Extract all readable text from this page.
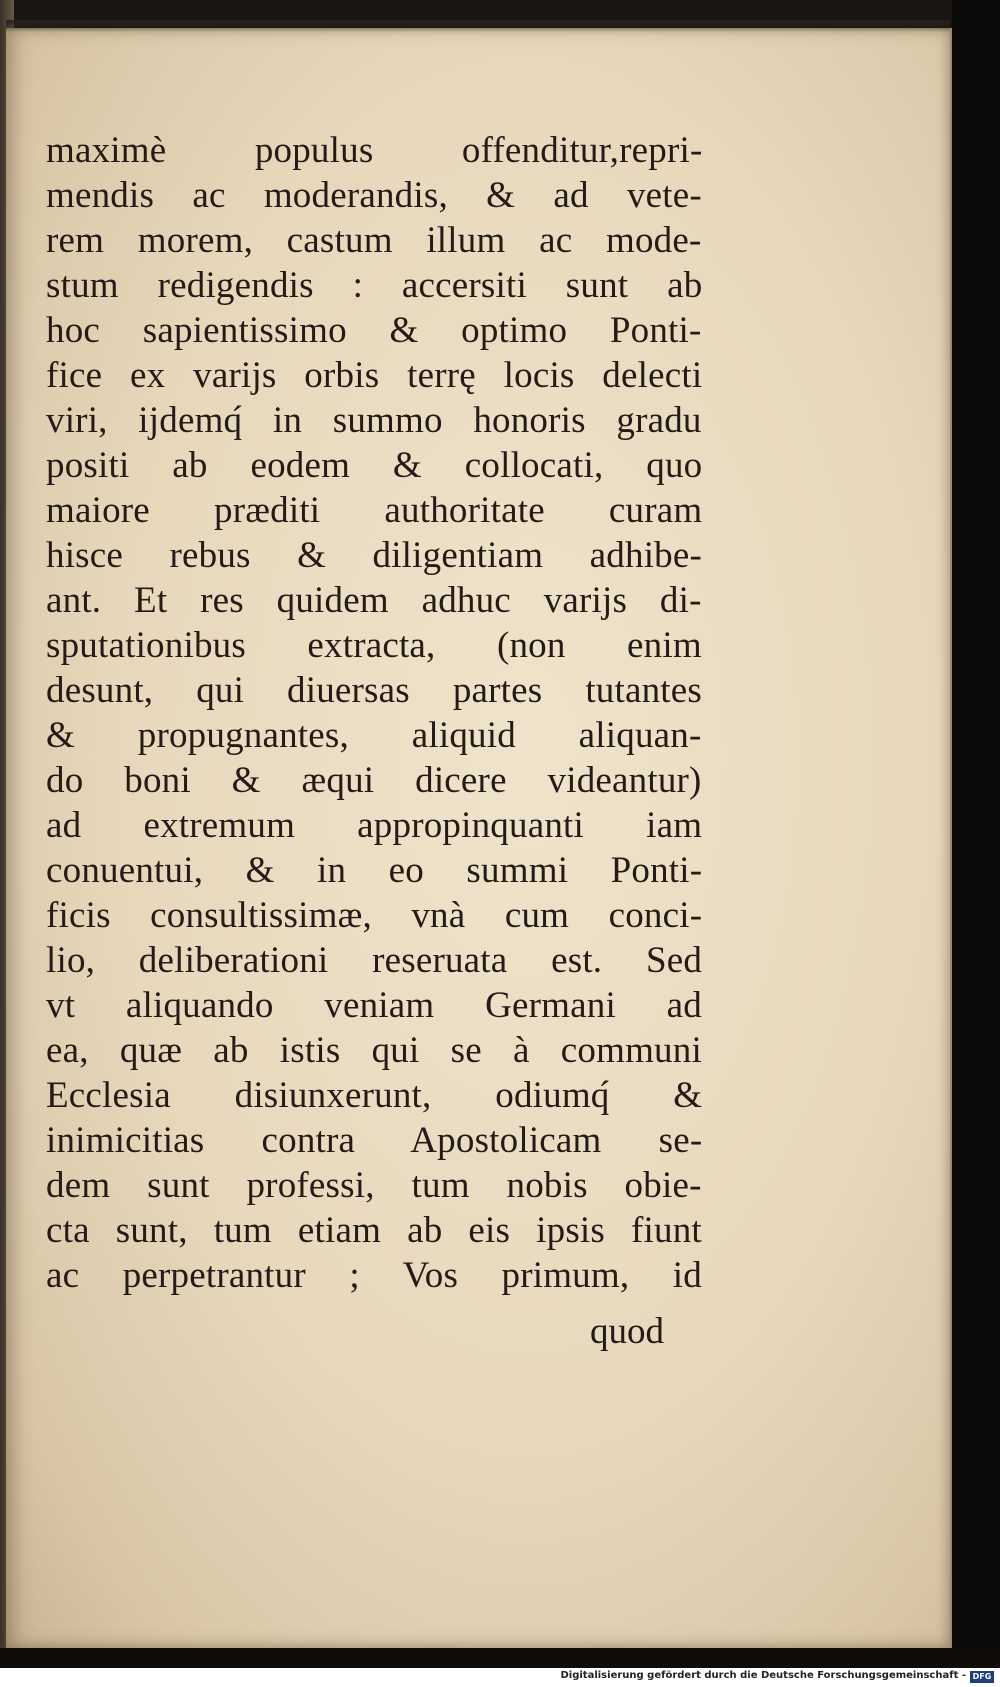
maximè populus offenditur,repri-
mendis ac moderandis, & ad vete-
rem morem, castum illum ac mode-
stum redigendis : accersiti sunt ab
hoc sapientissimo & optimo Ponti-
fice ex varijs orbis terrę locis delecti
viri, ijdemq́ in summo honoris gradu
positi ab eodem & collocati, quo
maiore præditi authoritate curam
hisce rebus & diligentiam adhibe-
ant. Et res quidem adhuc varijs di-
sputationibus extracta, (non enim
desunt, qui diuersas partes tutantes
& propugnantes, aliquid aliquan-
do boni & æqui dicere videantur)
ad extremum appropinquanti iam
conuentui, & in eo summi Ponti-
ficis consultissimæ, vnà cum conci-
lio, deliberationi reseruata est. Sed
vt aliquando veniam Germani ad
ea, quæ ab istis qui se à communi
Ecclesia disiunxerunt, odiumq́ &
inimicitias contra Apostolicam se-
dem sunt professi, tum nobis obie-
cta sunt, tum etiam ab eis ipsis fiunt
ac perpetrantur ; Vos primum, id
quod
Digitalisierung gefördert durch die Deutsche Forschungsgemeinschaft - DFG
